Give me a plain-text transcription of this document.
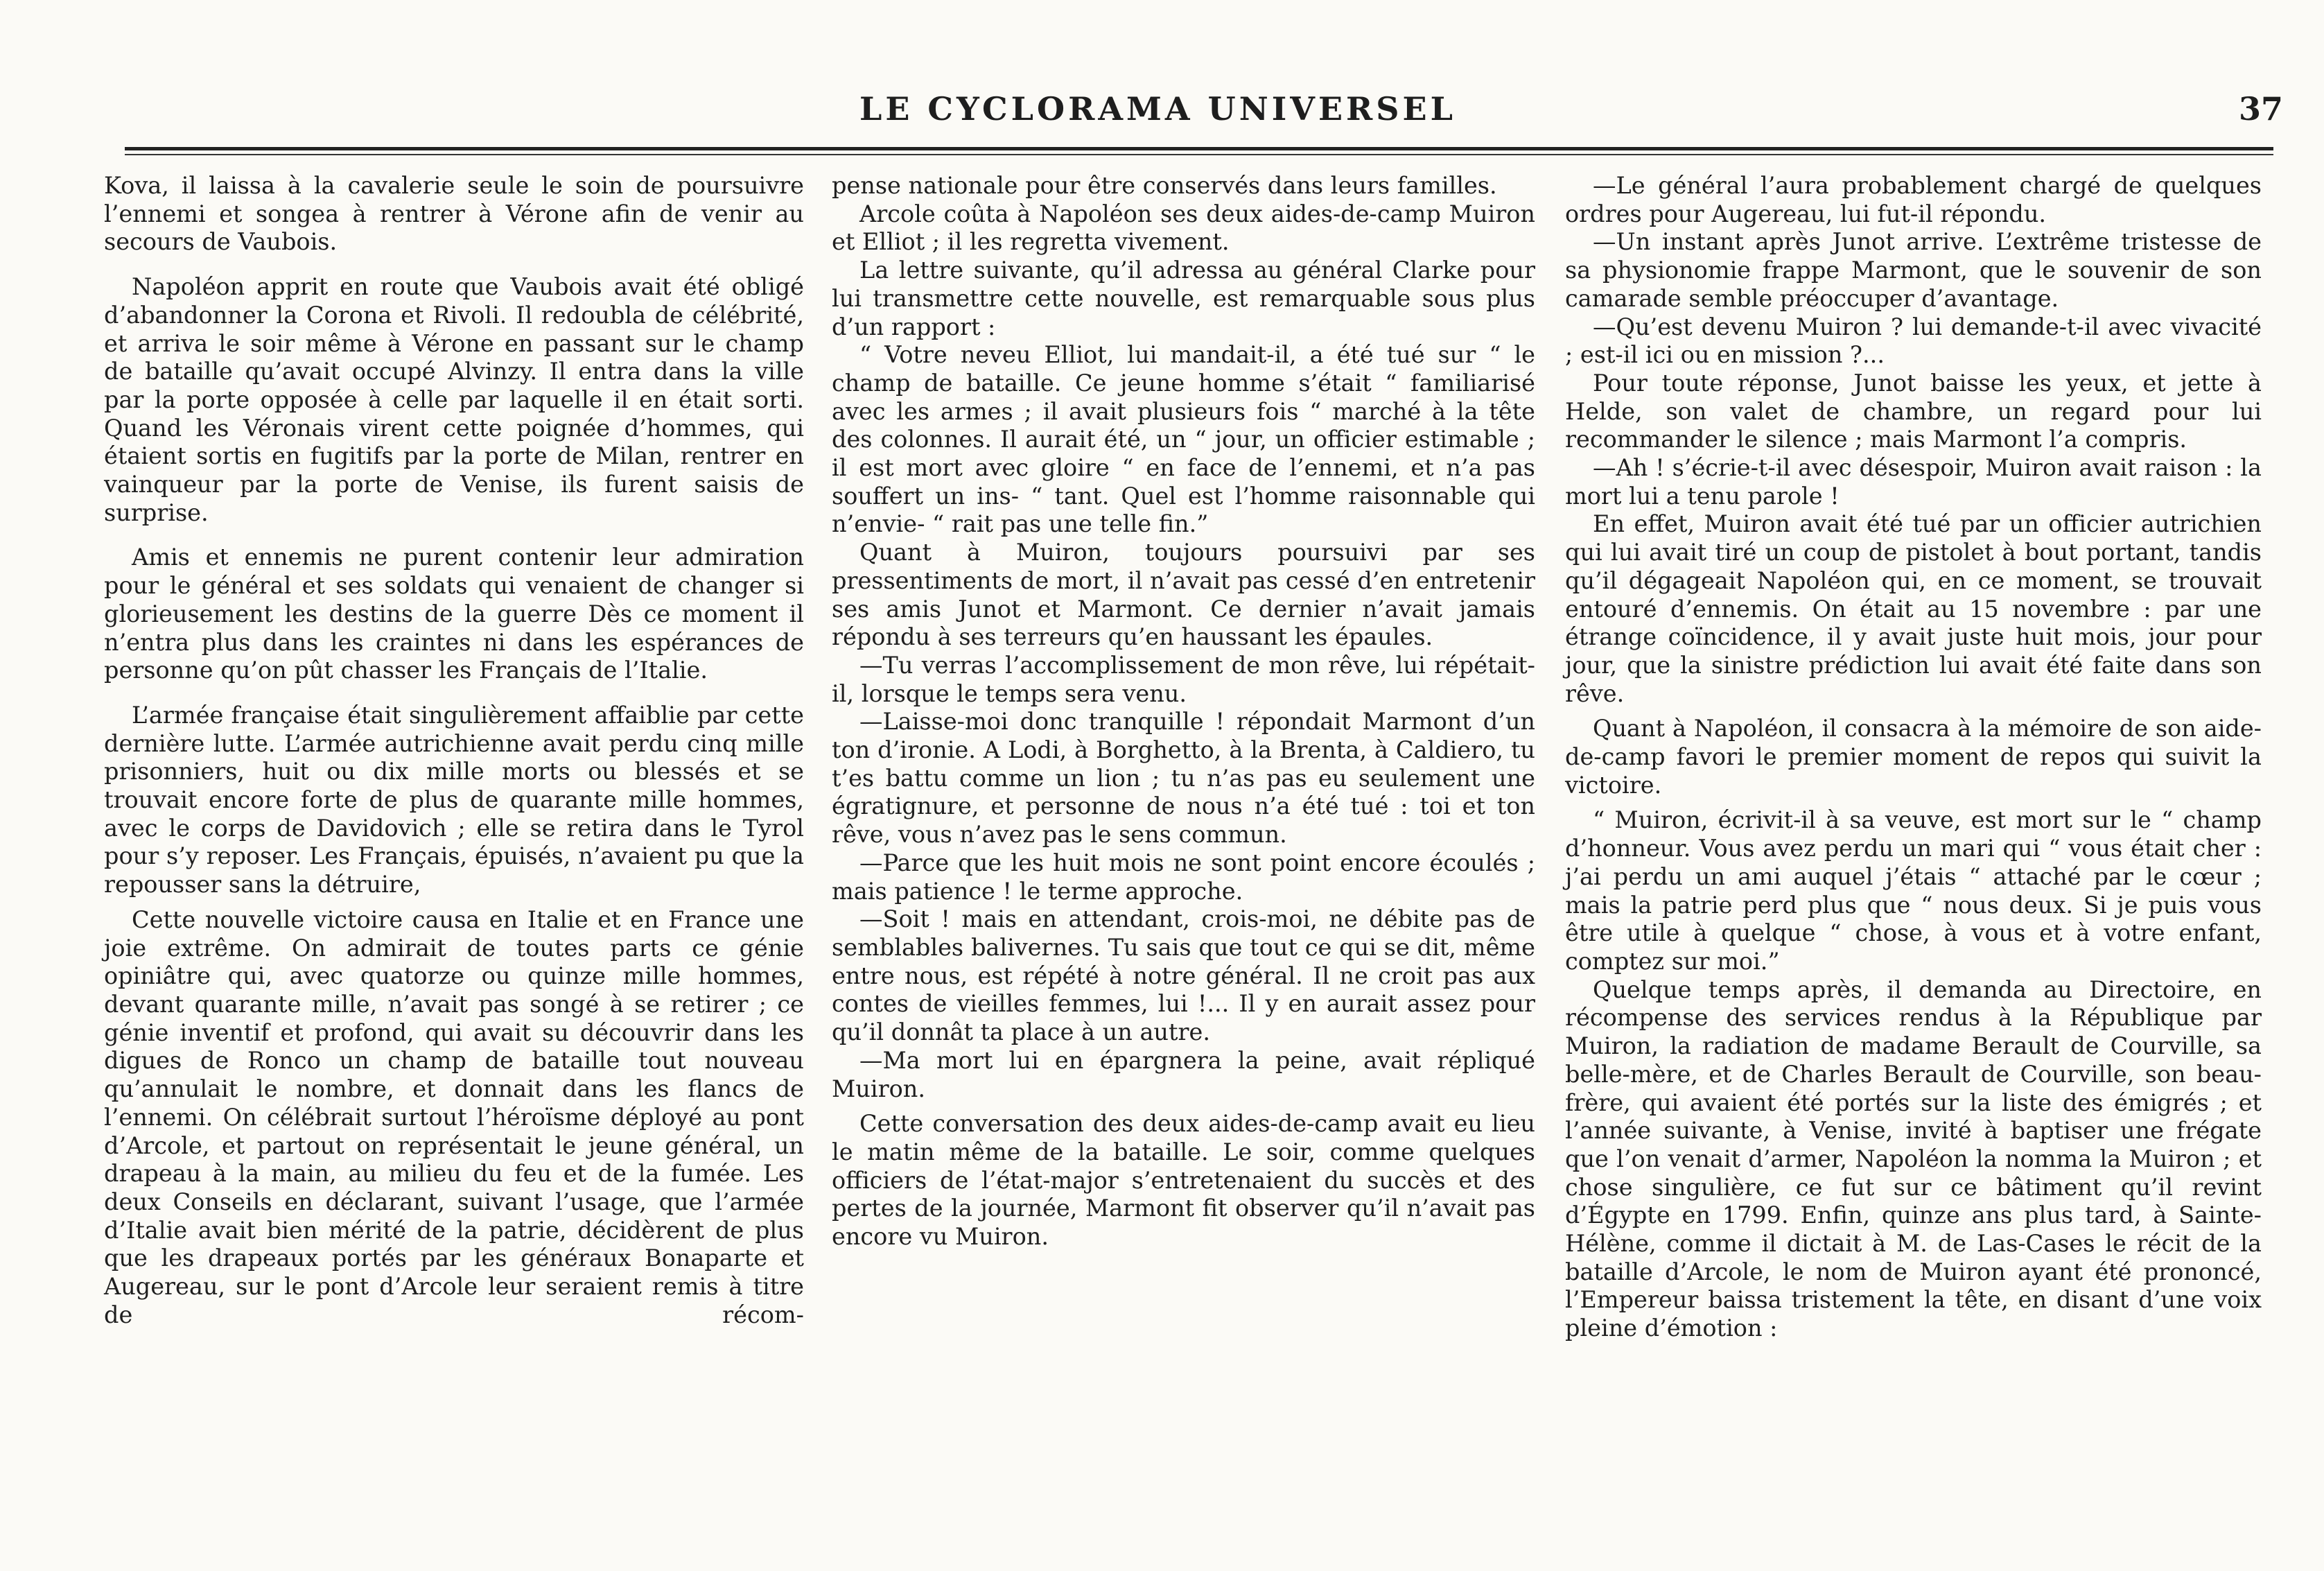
LE CYCLORAMA UNIVERSEL	37

Kova, il laissa à la cavalerie seule le soin de poursuivre l’ennemi et songea à rentrer à Vérone afin de venir au secours de Vaubois.

Napoléon apprit en route que Vaubois avait été obligé d’abandonner la Corona et Rivoli. Il redoubla de célébrité, et arriva le soir même à Vérone en passant sur le champ de bataille qu’avait occupé Alvinzy. Il entra dans la ville par la porte opposée à celle par laquelle il en était sorti. Quand les Véronais virent cette poignée d’hommes, qui étaient sortis en fugitifs par la porte de Milan, rentrer en vainqueur par la porte de Venise, ils furent saisis de surprise.

Amis et ennemis ne purent contenir leur admiration pour le général et ses soldats qui venaient de changer si glorieusement les destins de la guerre Dès ce moment il n’entra plus dans les craintes ni dans les espérances de personne qu’on pût chasser les Français de l’Italie.

L’armée française était singulièrement affaiblie par cette dernière lutte. L’armée autrichienne avait perdu cinq mille prisonniers, huit ou dix mille morts ou blessés et se trouvait encore forte de plus de quarante mille hommes, avec le corps de Davidovich ; elle se retira dans le Tyrol pour s’y reposer. Les Français, épuisés, n’avaient pu que la repousser sans la détruire,

Cette nouvelle victoire causa en Italie et en France une joie extrême. On admirait de toutes parts ce génie opiniâtre qui, avec quatorze ou quinze mille hommes, devant quarante mille, n’avait pas songé à se retirer ; ce génie inventif et profond, qui avait su découvrir dans les digues de Ronco un champ de bataille tout nouveau qu’annulait le nombre, et donnait dans les flancs de l’ennemi. On célébrait surtout l’héroïsme déployé au pont d’Arcole, et partout on représentait le jeune général, un drapeau à la main, au milieu du feu et de la fumée. Les deux Conseils en déclarant, suivant l’usage, que l’armée d’Italie avait bien mérité de la patrie, décidèrent de plus que les drapeaux portés par les généraux Bonaparte et Augereau, sur le pont d’Arcole leur seraient remis à titre de récom-

pense nationale pour être conservés dans leurs familles.

Arcole coûta à Napoléon ses deux aides-de-camp Muiron et Elliot ; il les regretta vivement.

La lettre suivante, qu’il adressa au général Clarke pour lui transmettre cette nouvelle, est remarquable sous plus d’un rapport :

“ Votre neveu Elliot, lui mandait-il, a été tué sur “ le champ de bataille. Ce jeune homme s’était “ familiarisé avec les armes ; il avait plusieurs fois “ marché à la tête des colonnes. Il aurait été, un “ jour, un officier estimable ; il est mort avec gloire “ en face de l’ennemi, et n’a pas souffert un ins- “ tant. Quel est l’homme raisonnable qui n’envie- “ rait pas une telle fin.”

Quant à Muiron, toujours poursuivi par ses pressentiments de mort, il n’avait pas cessé d’en entretenir ses amis Junot et Marmont. Ce dernier n’avait jamais répondu à ses terreurs qu’en haussant les épaules.

—Tu verras l’accomplissement de mon rêve, lui répétait-il, lorsque le temps sera venu.

—Laisse-moi donc tranquille ! répondait Marmont d’un ton d’ironie. A Lodi, à Borghetto, à la Brenta, à Caldiero, tu t’es battu comme un lion ; tu n’as pas eu seulement une égratignure, et personne de nous n’a été tué : toi et ton rêve, vous n’avez pas le sens commun.

—Parce que les huit mois ne sont point encore écoulés ; mais patience ! le terme approche.

—Soit ! mais en attendant, crois-moi, ne débite pas de semblables balivernes. Tu sais que tout ce qui se dit, même entre nous, est répété à notre général. Il ne croit pas aux contes de vieilles femmes, lui !... Il y en aurait assez pour qu’il donnât ta place à un autre.

—Ma mort lui en épargnera la peine, avait répliqué Muiron.

Cette conversation des deux aides-de-camp avait eu lieu le matin même de la bataille. Le soir, comme quelques officiers de l’état-major s’entretenaient du succès et des pertes de la journée, Marmont fit observer qu’il n’avait pas encore vu Muiron.

—Le général l’aura probablement chargé de quelques ordres pour Augereau, lui fut-il répondu.

—Un instant après Junot arrive. L’extrême tristesse de sa physionomie frappe Marmont, que le souvenir de son camarade semble préoccuper d’avantage.

—Qu’est devenu Muiron ? lui demande-t-il avec vivacité ; est-il ici ou en mission ?...

Pour toute réponse, Junot baisse les yeux, et jette à Helde, son valet de chambre, un regard pour lui recommander le silence ; mais Marmont l’a compris.

—Ah ! s’écrie-t-il avec désespoir, Muiron avait raison : la mort lui a tenu parole !

En effet, Muiron avait été tué par un officier autrichien qui lui avait tiré un coup de pistolet à bout portant, tandis qu’il dégageait Napoléon qui, en ce moment, se trouvait entouré d’ennemis. On était au 15 novembre : par une étrange coïncidence, il y avait juste huit mois, jour pour jour, que la sinistre prédiction lui avait été faite dans son rêve.

Quant à Napoléon, il consacra à la mémoire de son aide-de-camp favori le premier moment de repos qui suivit la victoire.

“ Muiron, écrivit-il à sa veuve, est mort sur le “ champ d’honneur. Vous avez perdu un mari qui “ vous était cher : j’ai perdu un ami auquel j’étais “ attaché par le cœur ; mais la patrie perd plus que “ nous deux. Si je puis vous être utile à quelque “ chose, à vous et à votre enfant, comptez sur moi.”

Quelque temps après, il demanda au Directoire, en récompense des services rendus à la République par Muiron, la radiation de madame Berault de Courville, sa belle-mère, et de Charles Berault de Courville, son beau-frère, qui avaient été portés sur la liste des émigrés ; et l’année suivante, à Venise, invité à baptiser une frégate que l’on venait d’armer, Napoléon la nomma la Muiron ; et chose singulière, ce fut sur ce bâtiment qu’il revint d’Égypte en 1799. Enfin, quinze ans plus tard, à Sainte-Hélène, comme il dictait à M. de Las-Cases le récit de la bataille d’Arcole, le nom de Muiron ayant été prononcé, l’Empereur baissa tristement la tête, en disant d’une voix pleine d’émotion :
